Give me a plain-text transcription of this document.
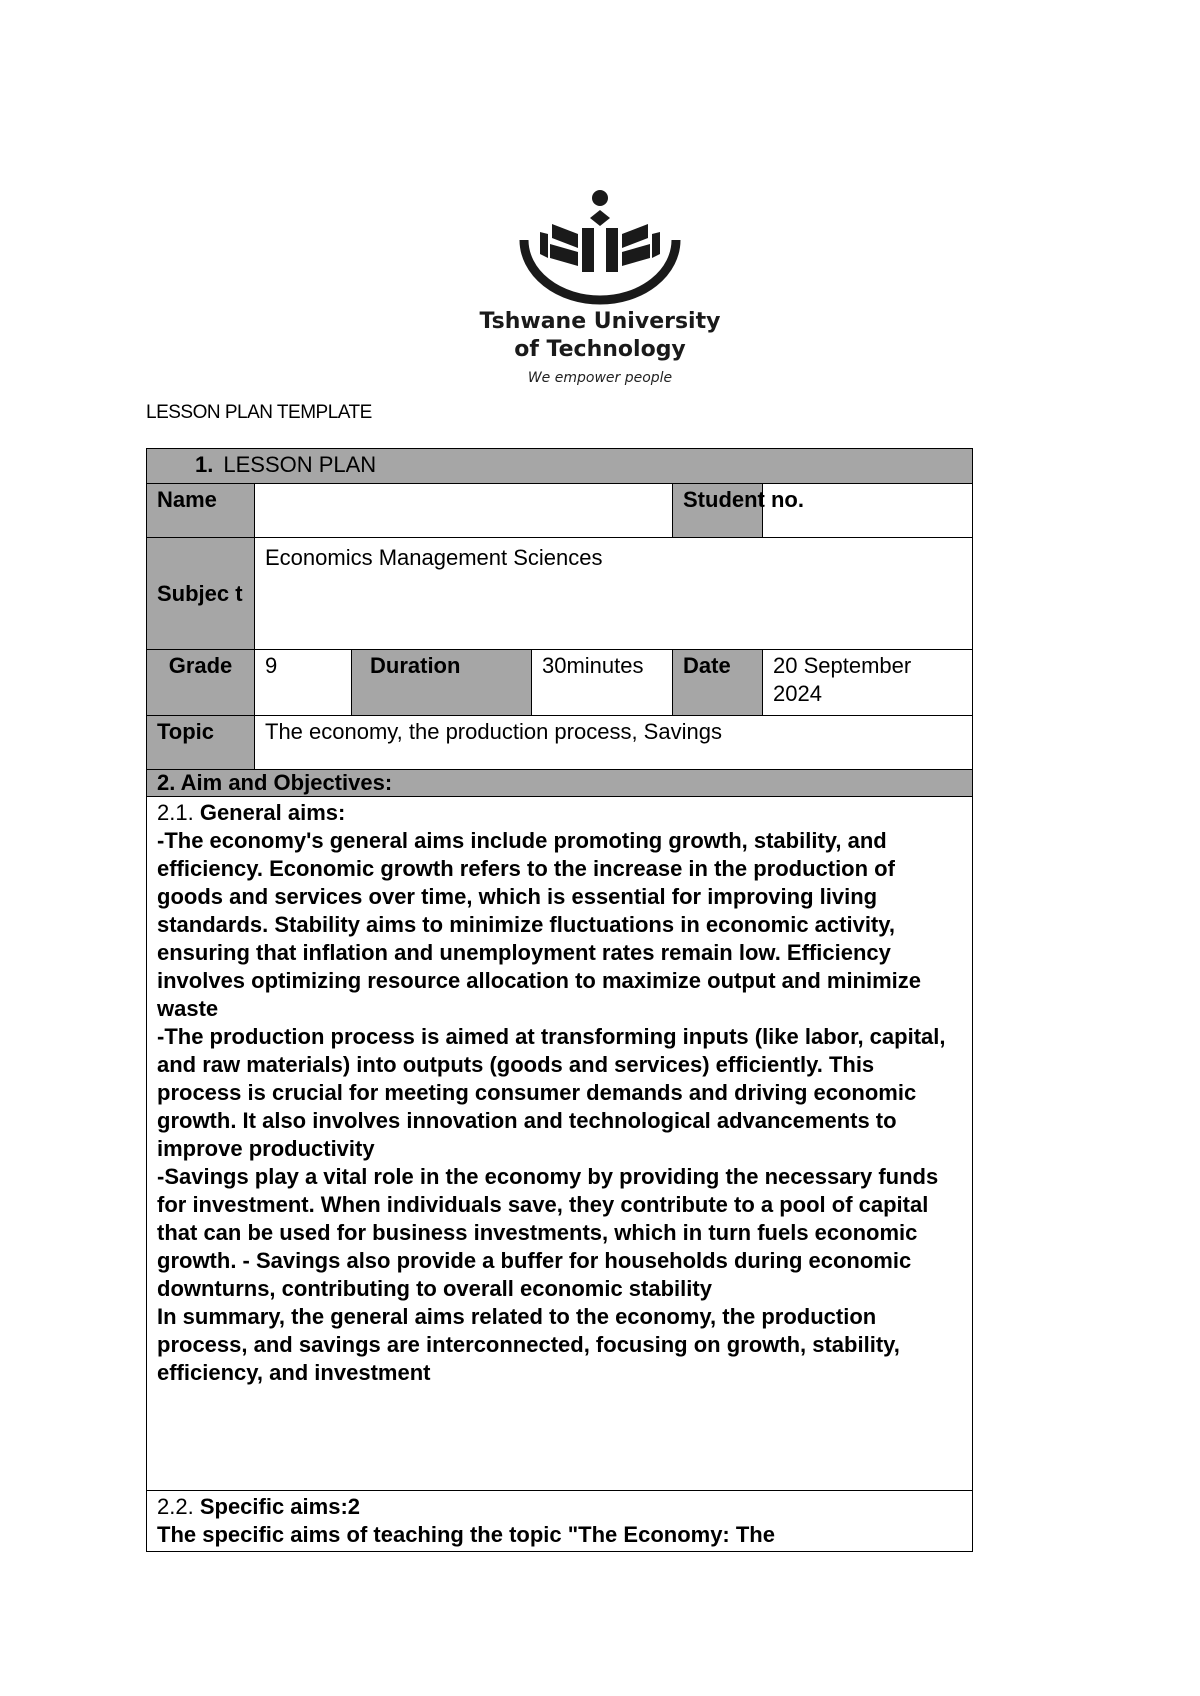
Tshwane University
of Technology
We empower people
LESSON PLAN TEMPLATE
1. LESSON PLAN					
Name				Student no.	
Subjec t	Economics Management Sciences				
Grade	9	Duration	30minutes	Date	20 September 2024
Topic	The economy, the production process, Savings				
2. Aim and Objectives:					

2.1. General aims:

-The economy's general aims include promoting growth, stability, and efficiency. Economic growth refers to the increase in the production of goods and services over time, which is essential for improving living standards. Stability aims to minimize fluctuations in economic activity, ensuring that inflation and unemployment rates remain low. Efficiency involves optimizing resource allocation to maximize output and minimize waste

-The production process is aimed at transforming inputs (like labor, capital, and raw materials) into outputs (goods and services) efficiently. This process is crucial for meeting consumer demands and driving economic growth. It also involves innovation and technological advancements to improve productivity

-Savings play a vital role in the economy by providing the necessary funds for investment. When individuals save, they contribute to a pool of capital that can be used for business investments, which in turn fuels economic growth. - Savings also provide a buffer for households during economic downturns, contributing to overall economic stability

In summary, the general aims related to the economy, the production process, and savings are interconnected, focusing on growth, stability, efficiency, and investment					

2.2. Specific aims:2

The specific aims of teaching the topic "The Economy: The					
